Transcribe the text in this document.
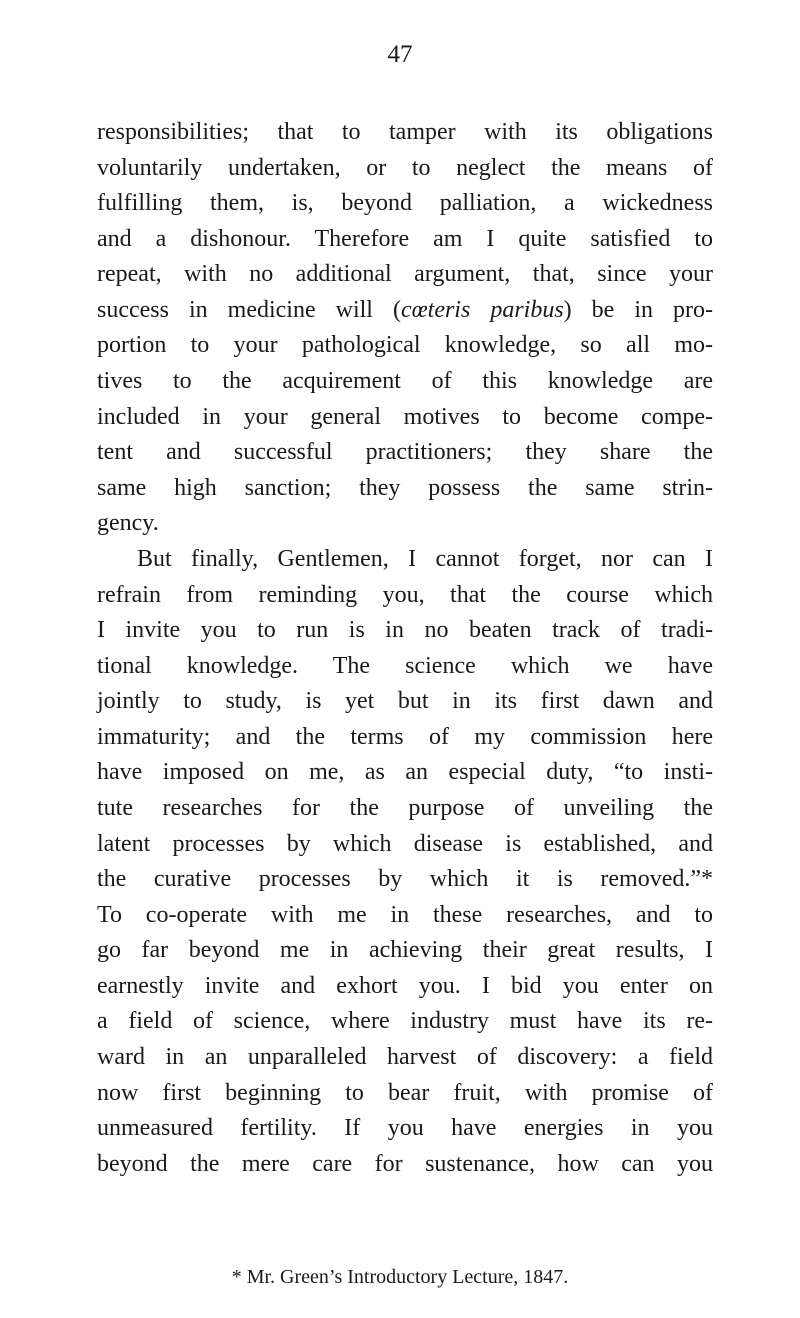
47
responsibilities; that to tamper with its obligations
voluntarily undertaken, or to neglect the means of
fulfilling them, is, beyond palliation, a wickedness
and a dishonour. Therefore am I quite satisfied to
repeat, with no additional argument, that, since your
success in medicine will (cœteris paribus) be in pro-
portion to your pathological knowledge, so all mo-
tives to the acquirement of this knowledge are
included in your general motives to become compe-
tent and successful practitioners; they share the
same high sanction; they possess the same strin-
gency.
But finally, Gentlemen, I cannot forget, nor can I
refrain from reminding you, that the course which
I invite you to run is in no beaten track of tradi-
tional knowledge. The science which we have
jointly to study, is yet but in its first dawn and
immaturity; and the terms of my commission here
have imposed on me, as an especial duty, “to insti-
tute researches for the purpose of unveiling the
latent processes by which disease is established, and
the curative processes by which it is removed.”*
To co-operate with me in these researches, and to
go far beyond me in achieving their great results, I
earnestly invite and exhort you. I bid you enter on
a field of science, where industry must have its re-
ward in an unparalleled harvest of discovery: a field
now first beginning to bear fruit, with promise of
unmeasured fertility. If you have energies in you
beyond the mere care for sustenance, how can you
* Mr. Green’s Introductory Lecture, 1847.
